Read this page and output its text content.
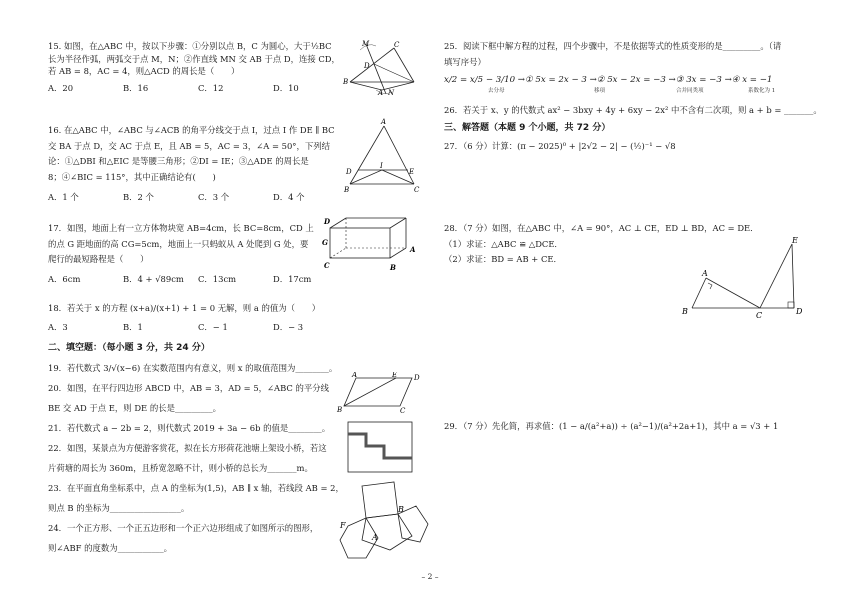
15. 如图，在△ABC 中，按以下步骤：①分别以点 B，C 为圆心，大于½BC
长为半径作弧，两弧交于点 M，N；②作直线 MN 交 AB 于点 D，连接 CD，
若 AB = 8，AC = 4，则△ACD 的周长是（　　）
A．20	B．16	C．12	D．10
16. 在△ABC 中，∠ABC 与∠ACB 的角平分线交于点 I，过点 I 作 DE ∥ BC
交 BA 于点 D，交 AC 于点 E，且 AB = 5，AC = 3，∠A = 50°，下列结
论：①△DBI 和△EIC 是等腰三角形；②DI = IE；③△ADE 的周长是
8；④∠BIC = 115°，其中正确结论有(　　)
A．1 个	B．2 个	C．3 个	D．4 个
17．如图，地面上有一立方体物块宽 AB=4cm，长 BC=8cm，CD 上
的点 G 距地面的高 CG=5cm，地面上一只蚂蚁从 A 处爬到 G 处，要
爬行的最短路程是（　　）
A．6cm	B．4 + √89cm	C．13cm	D．17cm
18．若关于 x 的方程 (x+a)/(x+1) + 1 = 0 无解，则 a 的值为（　　）
A．3	B．1	C．− 1	D．− 3
二、填空题：（每小题 3 分，共 24 分）
19．若代数式 3/√(x−6) 在实数范围内有意义，则 x 的取值范围为________。
20．如图，在平行四边形 ABCD 中，AB = 3，AD = 5，∠ABC 的平分线
BE 交 AD 于点 E，则 DE 的长是_________。
21．若代数式 a − 2b = 2，则代数式 2019 + 3a − 6b 的值是________。
22．如图，某景点为方便游客赏花，拟在长方形荷花池塘上架设小桥，若这
片荷塘的周长为 360m，且桥宽忽略不计，则小桥的总长为_______m。
23．在平面直角坐标系中，点 A 的坐标为(1,5)，AB ∥ x 轴，若线段 AB = 2，
则点 B 的坐标为_________________。
24．一个正方形、一个正五边形和一个正六边形组成了如图所示的图形，
则∠ABF 的度数为___________。
M
D
A
B
C
N
A
D
I
E
B	C
D
G
A
C	B
A	E D
B	C
F
B
A
25．阅读下框中解方程的过程，四个步骤中，不是依据等式的性质变形的是_________。（请
填写序号）
x/2 = x/5 − 3/10 →① 5x = 2x − 3 →② 5x − 2x = −3 →③ 3x = −3 →④ x = −1
去分母	移项	合并同类项	系数化为 1
26．若关于 x、y 的代数式 ax² − 3bxy + 4y + 6xy − 2x² 中不含有二次项，则 a + b = _______。
三、解答题（本题 9 个小题，共 72 分）
27．（6 分）计算：(π − 2025)⁰ + |2√2 − 2| − (½)⁻¹ − √8
28．（7 分）如图，在△ABC 中，∠A = 90°，AC ⊥ CE，ED ⊥ BD，AC = DE．
（1）求证：△ABC ≌ △DCE．
（2）求证：BD = AB + CE．
29．（7 分）先化简，再求值：(1 − a/(a²+a)) ÷ (a²−1)/(a²+2a+1)，其中 a = √3 + 1
E
A
B	C	D
– 2 –
